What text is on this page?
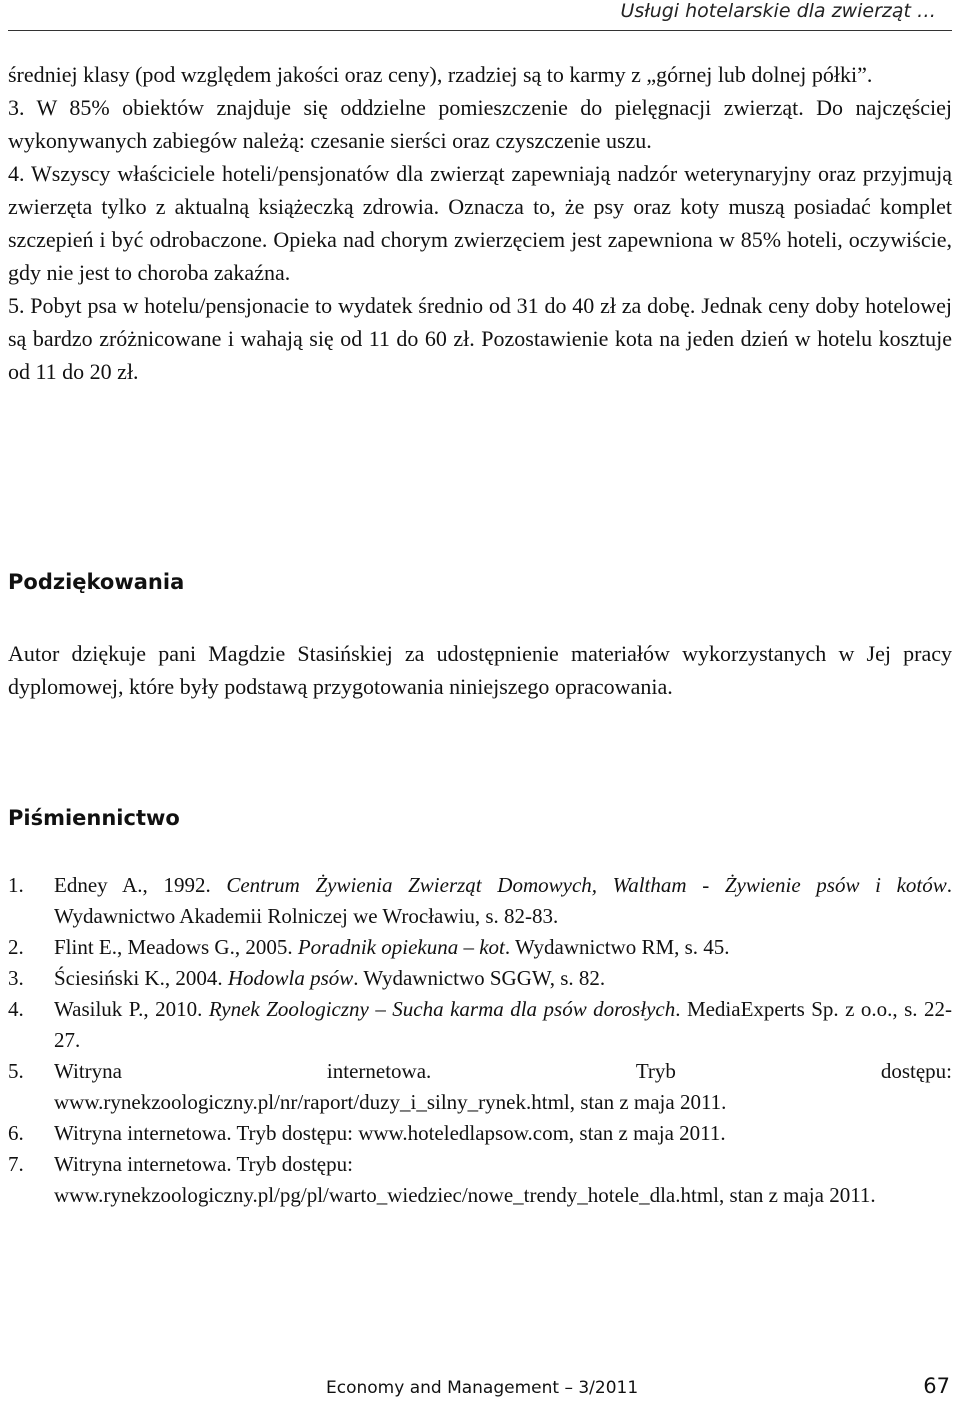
Usługi hotelarskie dla zwierząt …

średniej klasy (pod względem jakości oraz ceny), rzadziej są to karmy z „górnej lub dolnej półki”.

3. W 85% obiektów znajduje się oddzielne pomieszczenie do pielęgnacji zwierząt. Do najczęściej wykonywanych zabiegów należą: czesanie sierści oraz czyszczenie uszu.

4. Wszyscy właściciele hoteli/pensjonatów dla zwierząt zapewniają nadzór weterynaryjny oraz przyjmują zwierzęta tylko z aktualną książeczką zdrowia. Oznacza to, że psy oraz koty muszą posiadać komplet szczepień i być odrobaczone. Opieka nad chorym zwierzęciem jest zapewniona w 85% hoteli, oczywiście, gdy nie jest to choroba zakaźna.

5. Pobyt psa w hotelu/pensjonacie to wydatek średnio od 31 do 40 zł za dobę. Jednak ceny doby hotelowej są bardzo zróżnicowane i wahają się od 11 do 60 zł. Pozostawienie kota na jeden dzień w hotelu kosztuje od 11 do 20 zł.

Podziękowania
Autor dziękuje pani Magdzie Stasińskiej za udostępnienie materiałów wykorzystanych w Jej pracy dyplomowej, które były podstawą przygotowania niniejszego opracowania.
Piśmiennictwo
1.	Edney A., 1992. Centrum Żywienia Zwierząt Domowych, Waltham - Żywienie psów i kotów. Wydawnictwo Akademii Rolniczej we Wrocławiu, s. 82-83.
2.	Flint E., Meadows G., 2005. Poradnik opiekuna – kot. Wydawnictwo RM, s. 45.
3.	Ściesiński K., 2004. Hodowla psów. Wydawnictwo SGGW, s. 82.
4.	Wasiluk P., 2010. Rynek Zoologiczny – Sucha karma dla psów dorosłych. MediaExperts Sp. z o.o., s. 22-27.
5.	Witryna internetowa. Tryb dostępu:
www.rynekzoologiczny.pl/nr/raport/duzy_i_silny_rynek.html, stan z maja 2011.
6.	Witryna internetowa. Tryb dostępu: www.hoteledlapsow.com, stan z maja 2011.
7.	Witryna internetowa. Tryb dostępu: www.rynekzoologiczny.pl/pg/pl/warto_wiedziec/nowe_trendy_hotele_dla.html, stan z maja 2011.
Economy and Management – 3/2011	67
